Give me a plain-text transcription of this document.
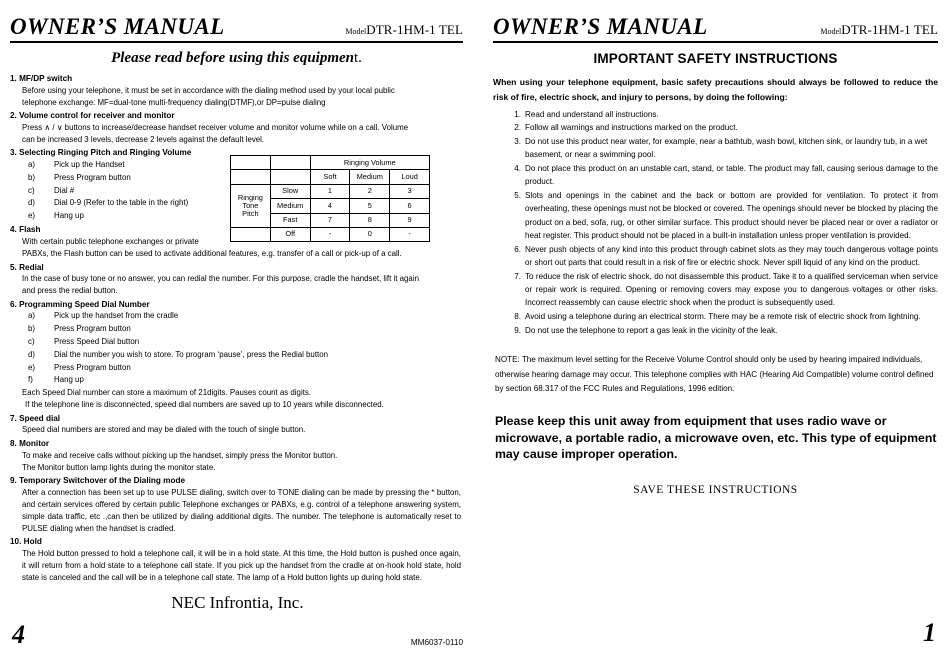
OWNER’S MANUAL	ModelDTR-1HM-1 TEL
Please read before using this equipment.
1. MF/DP switch
Before using your telephone, it must be set in accordance with the dialing method used by your local public
telephone exchange: MF=dual-tone multi-frequency dialing(DTMF),or DP=pulse dialing
2. Volume control for receiver and monitor
Press ∧ / ∨ buttons to increase/decrease handset receiver volume and monitor volume while on a call. Volume
can be increased 3 levels, decrease 2 levels against the default level.
3. Selecting Ringing Pitch and Ringing Volume
a)	Pick up the Handset
b)	Press Program button
c)	Dial #
d)	Dial 0-9 (Refer to the table in the right)
e)	Hang up
4. Flash
With certain public telephone exchanges or private
PABXs, the Flash button can be used to activate additional features, e.g. transfer of a call or pick-up of a call.
5. Redial
In the case of busy tone or no answer, you can redial the number. For this purpose, cradle the handset, lift it again
and press the redial button.
6. Programming Speed Dial Number
a)	Pick up the handset from the cradle
b)	Press Program button
c)	Press Speed Dial button
d)	Dial the number you wish to store. To program ‘pause’, press the Redial button
e)	Press Program button
f)	Hang up
Each Speed Dial number can store a maximum of 21digits. Pauses count as digits.
If the telephone line is disconnected, speed dial numbers are saved up to 10 years while disconnected.
7. Speed dial
Speed dial numbers are stored and may be dialed with the touch of single button.
8. Monitor
To make and receive calls without picking up the handset, simply press the Monitor button.
The Monitor button lamp lights during the monitor state.
9. Temporary Switchover of the Dialing mode
After a connection has been set up to use PULSE dialing, switch over to TONE dialing can be made by pressing the * button, and certain services offered by certain public Telephone exchanges or PABXs, e.g. control of a telephone answering system, simple data traffic, etc .,can then be utilized by dialing additional digits. The number. The telephone is automatically reset to PULSE dialing when the handset is cradled.
10. Hold
The Hold button pressed to hold a telephone call, it will be in a hold state. At this time, the Hold button is pushed once again, it will return from a hold state to a telephone call state. If you pick up the handset from the cradle at on-hook hold state, hold state is canceled and the call will be in a telephone call state. The lamp of a Hold button lights up during hold state.
		Ringing Volume		
		Soft	Medium	Loud
Ringing
Tone
Pitch	Slow	1	2	3
	Medium	4	5	6
	Fast	7	8	9
	Off	-	0	-
NEC Infrontia, Inc.
4	MM6037-0110
OWNER’S MANUAL	ModelDTR-1HM-1 TEL
IMPORTANT SAFETY INSTRUCTIONS
When using your telephone equipment, basic safety precautions should always be followed to reduce the risk of fire, electric shock, and injury to persons, by doing the following:
1. Read and understand all instructions.
2. Follow all warnings and instructions marked on the product.
3. Do not use this product near water, for example, near a bathtub, wash bowl, kitchen sink, or laundry tub, in a wet basement, or near a swimming pool.
4. Do not place this product on an unstable cart, stand, or table. The product may fall, causing serious damage to the product.
5. Slots and openings in the cabinet and the back or bottom are provided for ventilation. To protect it from overheating, these openings must not be blocked or covered. The openings should never be blocked by placing the product on a bed, sofa, rug, or other similar surface. This product should never be placed near or over a radiator or heat register. This product should not be placed in a built-in installation unless proper ventilation is provided.
6. Never push objects of any kind into this product through cabinet slots as they may touch dangerous voltage points or short out parts that could result in a risk of fire or electric shock. Never spill liquid of any kind on the product.
7. To reduce the risk of electric shock, do not disassemble this product. Take it to a qualified serviceman when service or repair work is required. Opening or removing covers may expose you to dangerous voltages or other risks. Incorrect reassembly can cause electric shock when the product is subsequently used.
8. Avoid using a telephone during an electrical storm. There may be a remote risk of electric shock from lightning.
9. Do not use the telephone to report a gas leak in the vicinity of the leak.
NOTE: The maximum level setting for the Receive Volume Control should only be used by hearing impaired individuals, otherwise hearing damage may occur. This telephone complies with HAC (Hearing Aid Compatible) volume control defined by section 68.317 of the FCC Rules and Regulations, 1996 edition.
Please keep this unit away from equipment that uses radio wave or microwave, a portable radio, a microwave oven, etc. This type of equipment may cause improper operation.
SAVE THESE INSTRUCTIONS
1
